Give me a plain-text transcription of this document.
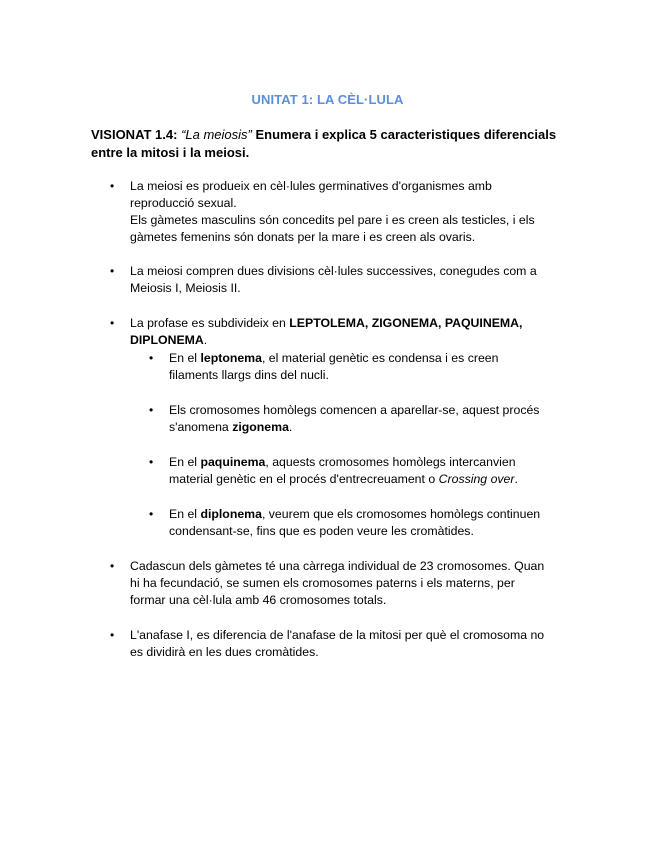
UNITAT 1: LA CÈL·LULA
VISIONAT 1.4: “La meiosis” Enumera i explica 5 caracteristiques diferencials
entre la mitosi i la meiosi.
• La meiosi es produeix en cèl·lules germinatives d'organismes amb
reproducció sexual.
Els gàmetes masculins són concedits pel pare i es creen als testicles, i els
gàmetes femenins són donats per la mare i es creen als ovaris.
• La meiosi compren dues divisions cèl·lules successives, conegudes com a
Meiosis I, Meiosis II.
• La profase es subdivideix en LEPTOLEMA, ZIGONEMA, PAQUINEMA,
DIPLONEMA.
• En el leptonema, el material genètic es condensa i es creen
filaments llargs dins del nucli.
• Els cromosomes homòlegs comencen a aparellar-se, aquest procés
s'anomena zigonema.
• En el paquinema, aquests cromosomes homòlegs intercanvien
material genètic en el procés d'entrecreuament o Crossing over.
• En el diplonema, veurem que els cromosomes homòlegs continuen
condensant-se, fins que es poden veure les cromàtides.
• Cadascun dels gàmetes té una càrrega individual de 23 cromosomes. Quan
hi ha fecundació, se sumen els cromosomes paterns i els materns, per
formar una cèl·lula amb 46 cromosomes totals.
• L'anafase I, es diferencia de l'anafase de la mitosi per què el cromosoma no
es dividirà en les dues cromàtides.
